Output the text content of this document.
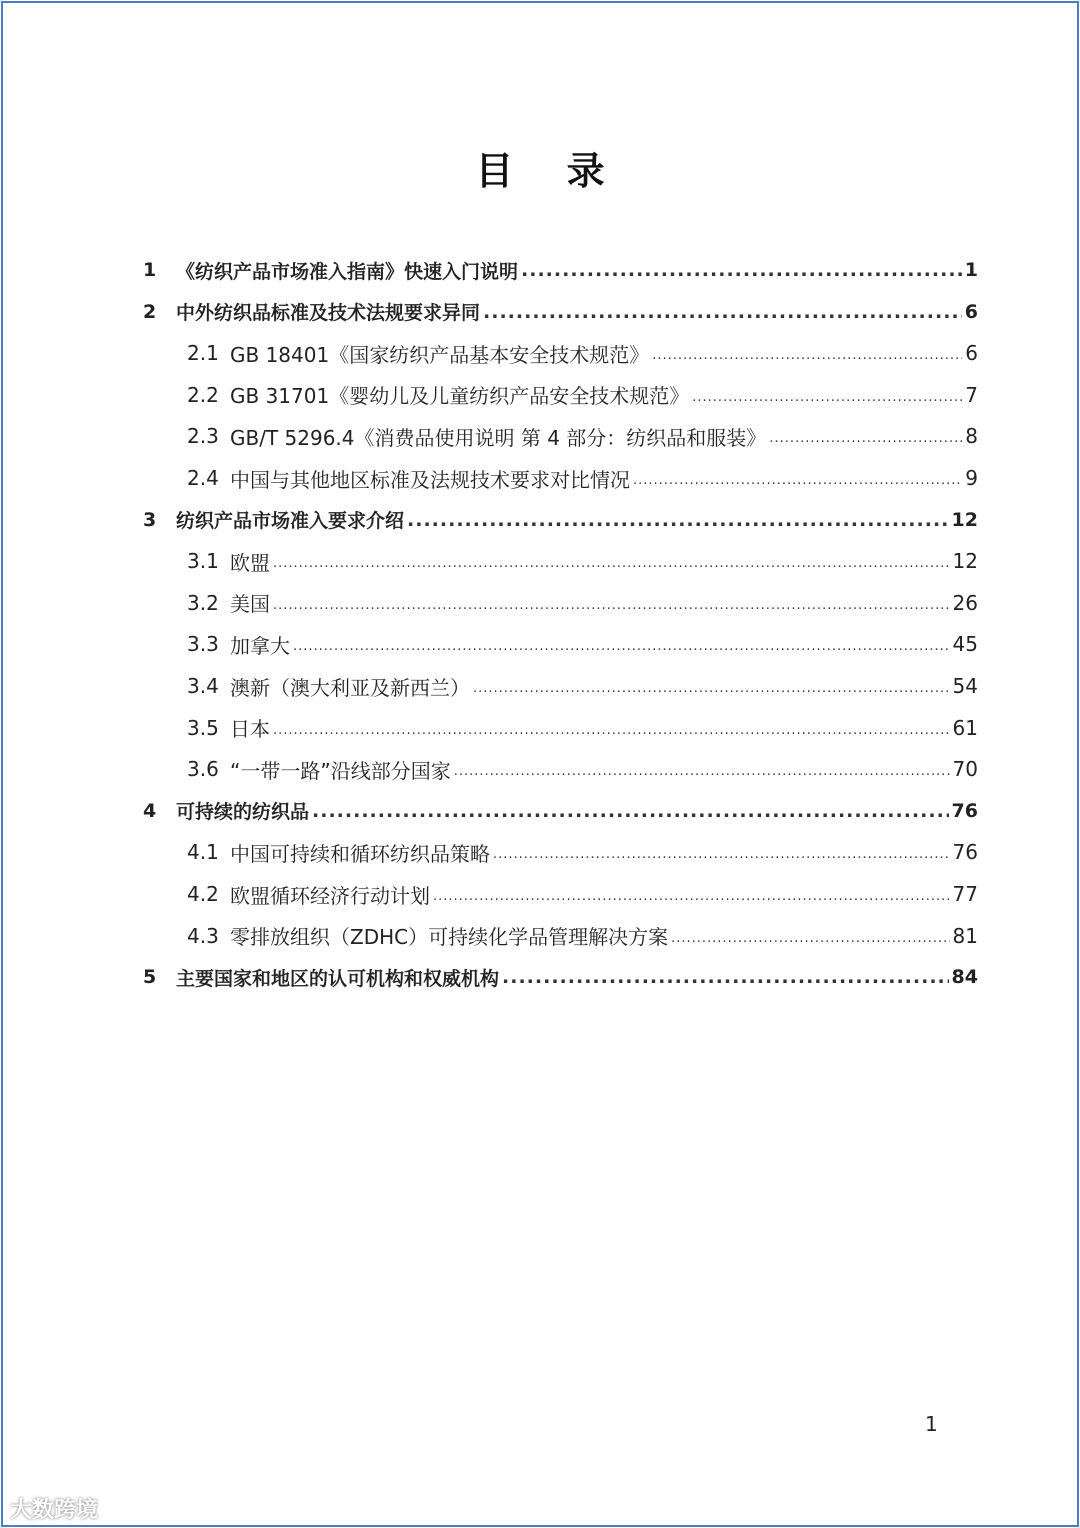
目 录
1	《纺织产品市场准入指南》快速入门说明 .....	1
2	中外纺织品标准及技术法规要求异同 .....	6
2.1 GB 18401《国家纺织产品基本安全技术规范》 .....	6
2.2 GB 31701《婴幼儿及儿童纺织产品安全技术规范》 .....	7
2.3 GB/T 5296.4《消费品使用说明 第 4 部分：纺织品和服装》 .....	8
2.4 中国与其他地区标准及法规技术要求对比情况 .....	9
3	纺织产品市场准入要求介绍 .....	12
3.1 欧盟 .....	12
3.2 美国 .....	26
3.3 加拿大 .....	45
3.4 澳新（澳大利亚及新西兰） .....	54
3.5 日本 .....	61
3.6 “一带一路”沿线部分国家 .....	70
4	可持续的纺织品 .....	76
4.1 中国可持续和循环纺织品策略 .....	76
4.2 欧盟循环经济行动计划 .....	77
4.3 零排放组织（ZDHC）可持续化学品管理解决方案 .....	81
5	主要国家和地区的认可机构和权威机构 .....	84
1
大数跨境
